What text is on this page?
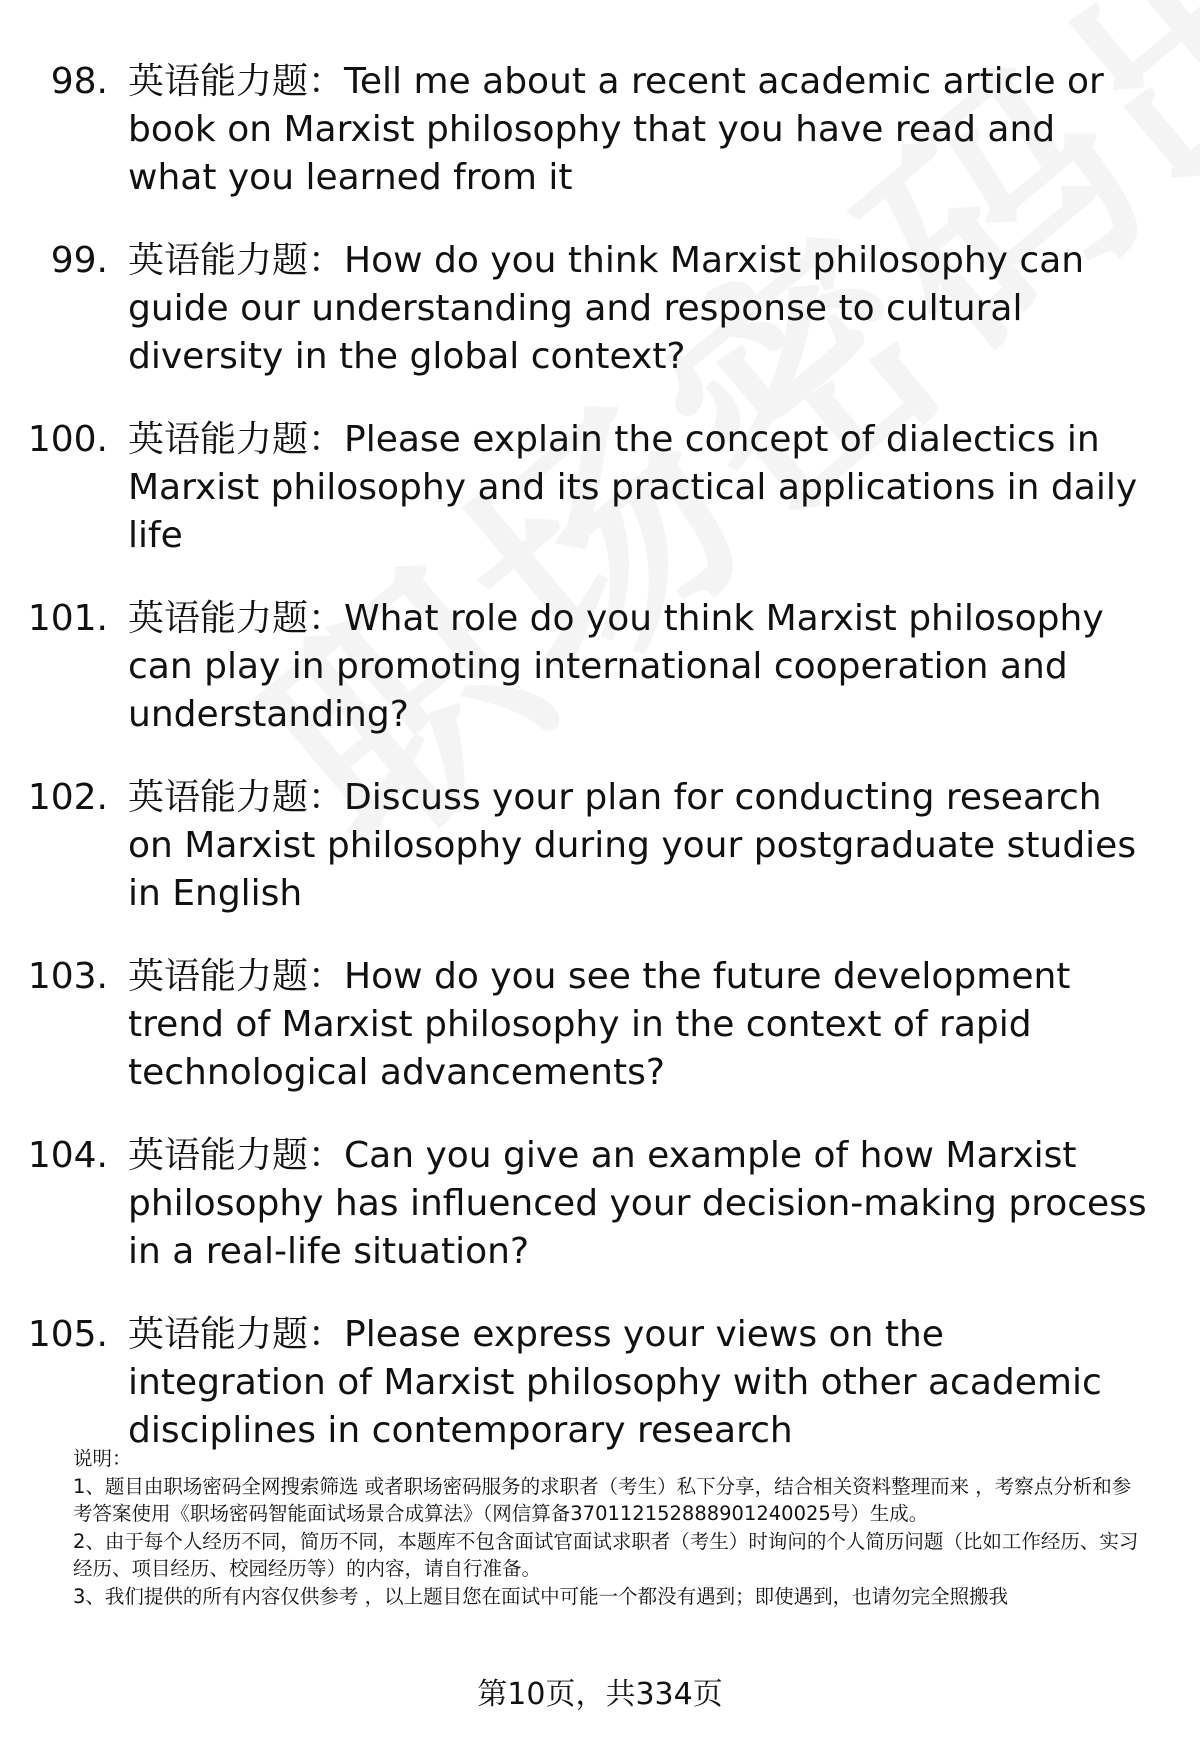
98. 英语能力题：Tell me about a recent academic article or book on Marxist philosophy that you have read and what you learned from it
99. 英语能力题：How do you think Marxist philosophy can guide our understanding and response to cultural diversity in the global context?
100. 英语能力题：Please explain the concept of dialectics in Marxist philosophy and its practical applications in daily life
101. 英语能力题：What role do you think Marxist philosophy can play in promoting international cooperation and understanding?
102. 英语能力题：Discuss your plan for conducting research on Marxist philosophy during your postgraduate studies in English
103. 英语能力题：How do you see the future development trend of Marxist philosophy in the context of rapid technological advancements?
104. 英语能力题：Can you give an example of how Marxist philosophy has influenced your decision-making process in a real-life situation?
105. 英语能力题：Please express your views on the integration of Marxist philosophy with other academic disciplines in contemporary research

说明：

1、题目由职场密码全网搜索筛选 或者职场密码服务的求职者（考生）私下分享，结合相关资料整理而来 ，考察点分析和参考答案使用《职场密码智能面试场景合成算法》（网信算备370112152888901240025号）生成。

2、由于每个人经历不同，简历不同，本题库不包含面试官面试求职者（考生）时询问的个人简历问题（比如工作经历、实习经历、项目经历、校园经历等）的内容，请自行准备。

3、我们提供的所有内容仅供参考 ，以上题目您在面试中可能一个都没有遇到；即使遇到，也请勿完全照搬我

第10页，共334页
